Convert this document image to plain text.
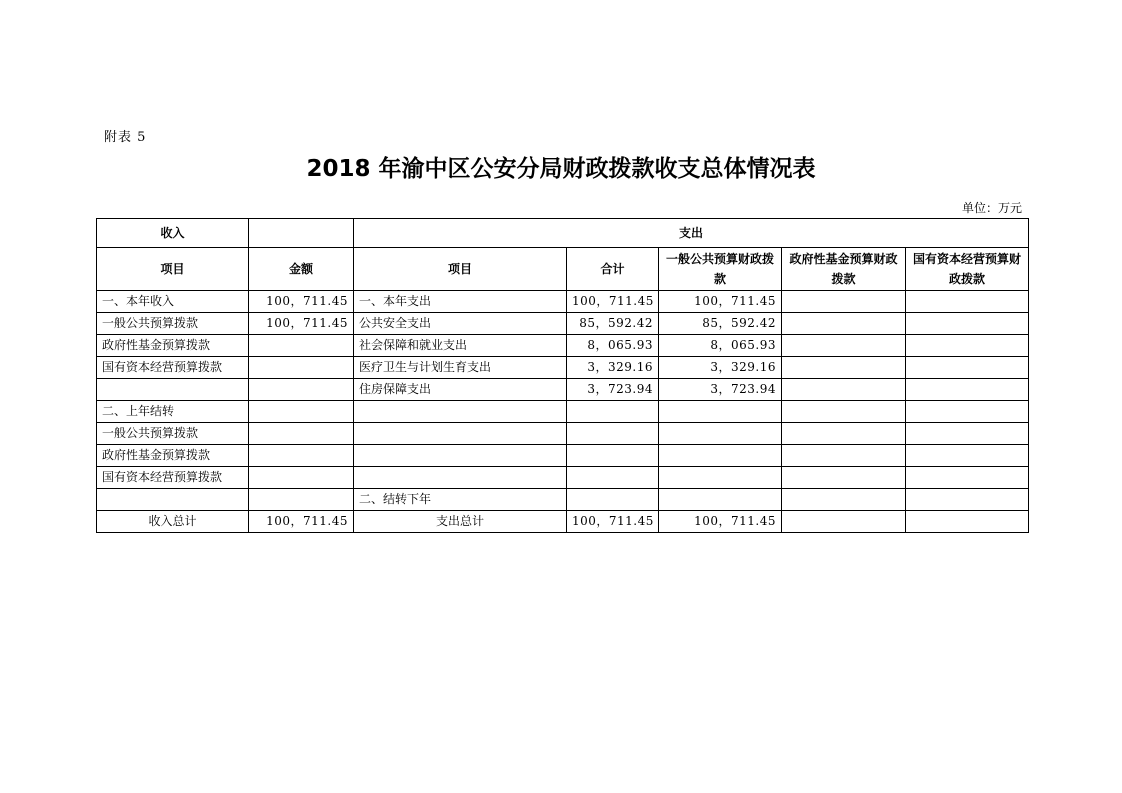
附表 5
2018 年渝中区公安分局财政拨款收支总体情况表
单位：万元
收入		支出				
项目	金额	项目	合计	一般公共预算财政拨款	政府性基金预算财政拨款	国有资本经营预算财政拨款
一、本年收入	100，711.45	一、本年支出	100，711.45	100，711.45		
一般公共预算拨款	100，711.45	公共安全支出	85，592.42	85，592.42		
政府性基金预算拨款		社会保障和就业支出	8，065.93	8，065.93		
国有资本经营预算拨款		医疗卫生与计划生育支出	3，329.16	3，329.16		
		住房保障支出	3，723.94	3，723.94		
二、上年结转						
一般公共预算拨款						
政府性基金预算拨款						
国有资本经营预算拨款						
		二、结转下年				
收入总计	100，711.45	支出总计	100，711.45	100，711.45		
